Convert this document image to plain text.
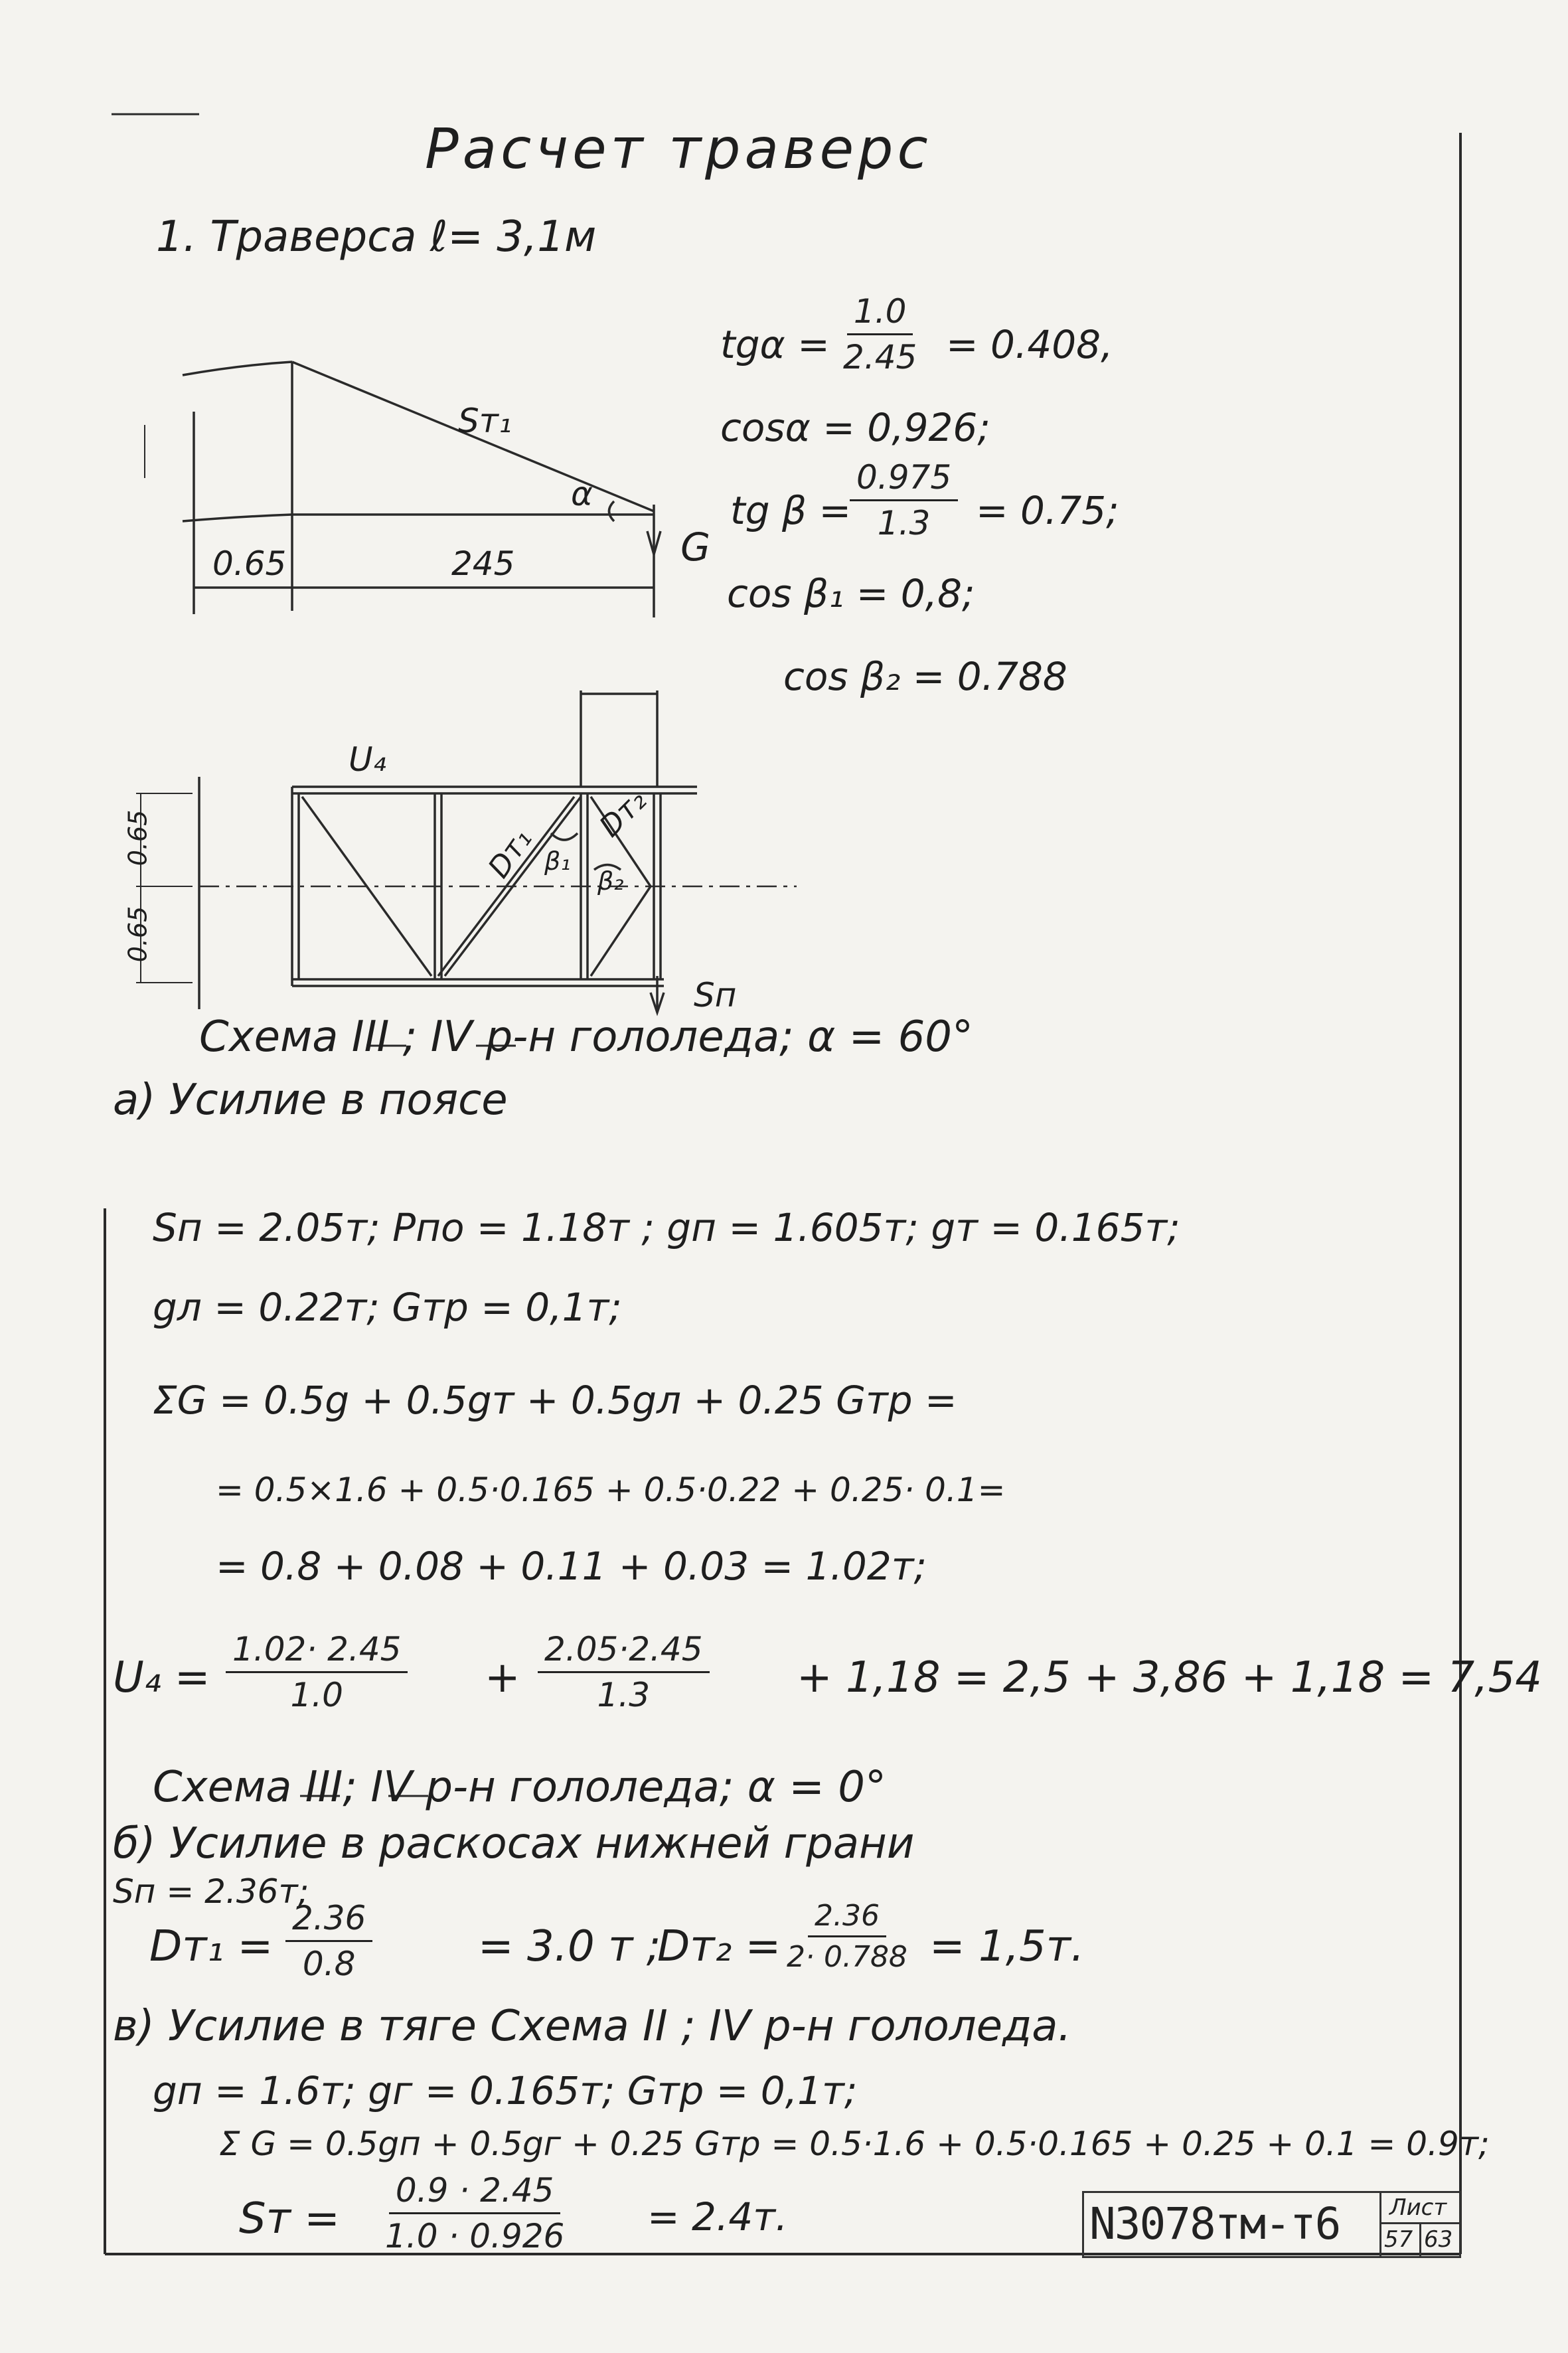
Расчет траверс
1. Траверса ℓ= 3,1м
$tg\alpha = \frac{1.0}{2.45} = 0.408$,
cosα = 0,926;
tg β =
$\frac{0.975}{1.3} = 0.75$;
cos β₁ = 0,8;
cos β₂ = 0.788
Sт₁
α
G
0.65	245
U₄
Dт₁
Dт₂
β₁
β₂
Sп
0.65
0.65
Схема III ; IV р-н гололеда; α = 60°
а) Усилие в поясе
Sп = 2.05т; Pпо = 1.18т ; gп = 1.605т; gт = 0.165т;
gл = 0.22т; Gтр = 0,1т;
ΣG = 0.5g + 0.5gт + 0.5gл + 0.25 Gтр =
= 0.5×1.6 + 0.5·0.165 + 0.5·0.22 + 0.25· 0.1=
= 0.8 + 0.08 + 0.11 + 0.03 = 1.02т;
$U_4 = \frac{1.02\cdot 2.45}{1.0} + \frac{2.05\cdot 2.45}{1.3} + 1,18 = 2,5 + 3,86 + 1,18 = 7,54$
Схема III; IV р-н гололеда; α = 0°
б) Усилие в раскосах нижней грани
Sп = 2.36т;
$Dт_1 = \frac{2.36}{0.8} = 3.0$ т ;
$Dт_2 = \frac{2.36}{2\cdot 0.788} = 1,5т$.
в) Усилие в тяге Схема II ; IV р-н гололеда.
gп = 1.6т; gг = 0.165т; Gтр = 0,1т;
Σ G = 0.5gп + 0.5gг + 0.25 Gтр = 0.5·1.6 + 0.5·0.165 + 0.25 + 0.1 = 0.9т;
Sт = $\frac{0.9 \cdot 2.45}{1.0 \cdot 0.926} = 2.4т$.	N3078тм-т6 Лист
57 63
